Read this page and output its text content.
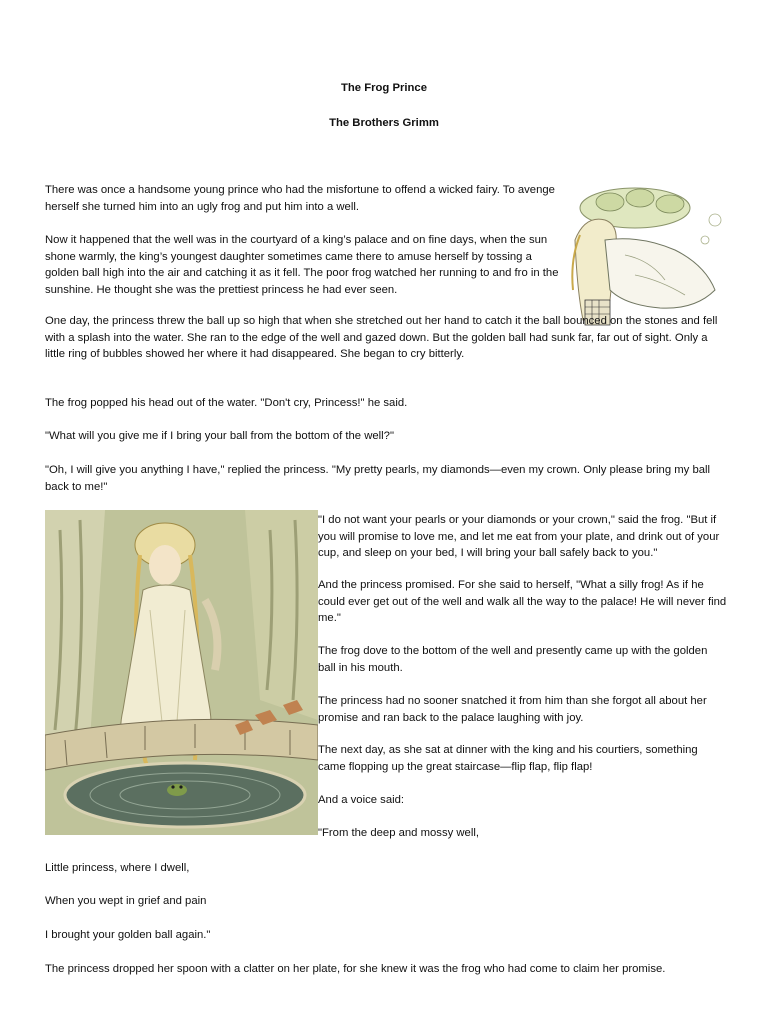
The Frog Prince
The Brothers Grimm

There was once a handsome young prince who had the misfortune to offend a wicked fairy. To avenge herself she turned him into an ugly frog and put him into a well.

Now it happened that the well was in the courtyard of a king’s palace and on fine days, when the sun shone warmly, the king’s youngest daughter sometimes came there to amuse herself by tossing a golden ball high into the air and catching it as it fell. The poor frog watched her running to and fro in the sunshine. He thought she was the prettiest princess he had ever seen.

One day, the princess threw the ball up so high that when she stretched out her hand to catch it the ball bounced on the stones and fell with a splash into the water. She ran to the edge of the well and gazed down. But the golden ball had sunk far, far out of sight. Only a little ring of bubbles showed her where it had disappeared. She began to cry bitterly.

The frog popped his head out of the water. "Don't cry, Princess!" he said.

"What will you give me if I bring your ball from the bottom of the well?"

"Oh, I will give you anything I have," replied the princess. "My pretty pearls, my diamonds—even my crown. Only please bring my ball back to me!"

"I do not want your pearls or your diamonds or your crown," said the frog. "But if you will promise to love me, and let me eat from your plate, and drink out of your cup, and sleep on your bed, I will bring your ball safely back to you."

And the princess promised. For she said to herself, "What a silly frog! As if he could ever get out of the well and walk all the way to the palace! He will never find me."

The frog dove to the bottom of the well and presently came up with the golden ball in his mouth.

The princess had no sooner snatched it from him than she forgot all about her promise and ran back to the palace laughing with joy.

The next day, as she sat at dinner with the king and his courtiers, something came flopping up the great staircase—flip flap, flip flap!

And a voice said:

"From the deep and mossy well,

Little princess, where I dwell,

When you wept in grief and pain

I brought your golden ball again."

The princess dropped her spoon with a clatter on her plate, for she knew it was the frog who had come to claim her promise.
